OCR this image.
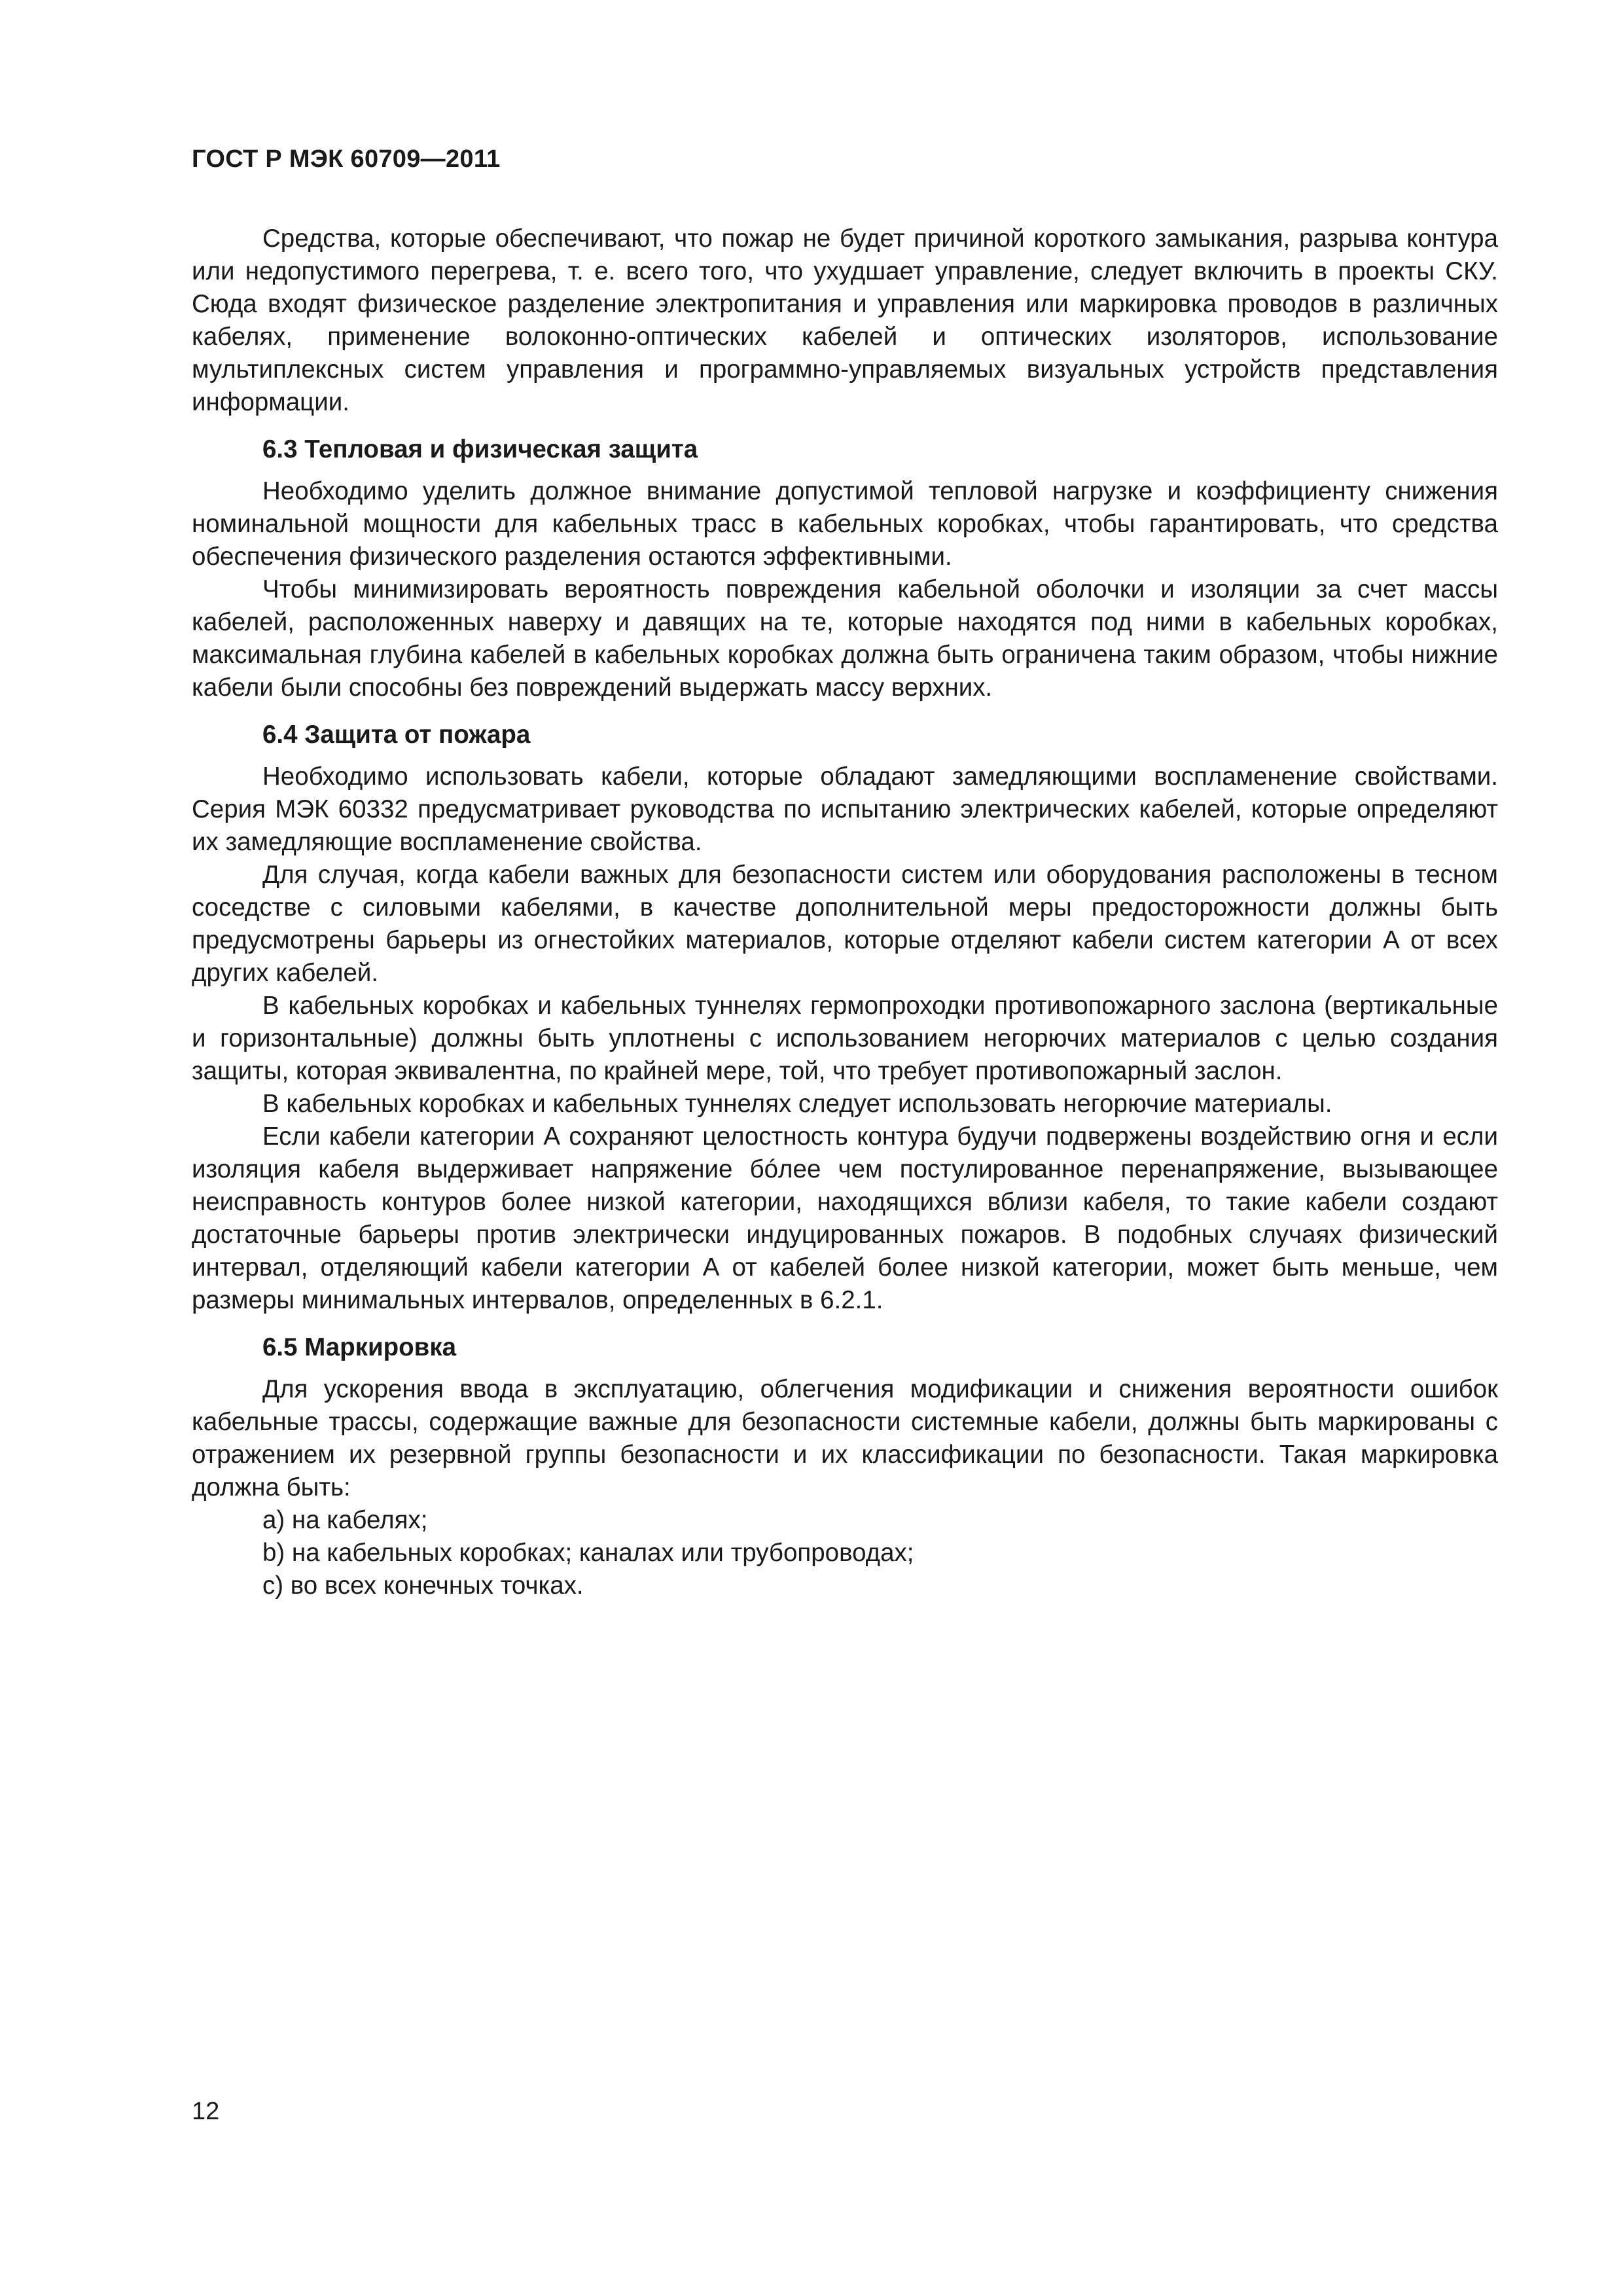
ГОСТ Р МЭК 60709—2011

Средства, которые обеспечивают, что пожар не будет причиной короткого замыкания, разрыва контура или недопустимого перегрева, т. е. всего того, что ухудшает управление, следует включить в проекты СКУ. Сюда входят физическое разделение электропитания и управления или маркировка проводов в различных кабелях, применение волоконно-оптических кабелей и оптических изоляторов, использование мультиплексных систем управления и программно-управляемых визуальных устройств представления информации.

6.3 Тепловая и физическая защита

Необходимо уделить должное внимание допустимой тепловой нагрузке и коэффициенту снижения номинальной мощности для кабельных трасс в кабельных коробках, чтобы гарантировать, что средства обеспечения физического разделения остаются эффективными.

Чтобы минимизировать вероятность повреждения кабельной оболочки и изоляции за счет массы кабелей, расположенных наверху и давящих на те, которые находятся под ними в кабельных коробках, максимальная глубина кабелей в кабельных коробках должна быть ограничена таким образом, чтобы нижние кабели были способны без повреждений выдержать массу верхних.

6.4 Защита от пожара

Необходимо использовать кабели, которые обладают замедляющими воспламенение свойствами. Серия МЭК 60332 предусматривает руководства по испытанию электрических кабелей, которые определяют их замедляющие воспламенение свойства.

Для случая, когда кабели важных для безопасности систем или оборудования расположены в тесном соседстве с силовыми кабелями, в качестве дополнительной меры предосторожности должны быть предусмотрены барьеры из огнестойких материалов, которые отделяют кабели систем категории А от всех других кабелей.

В кабельных коробках и кабельных туннелях гермопроходки противопожарного заслона (вертикальные и горизонтальные) должны быть уплотнены с использованием негорючих материалов с целью создания защиты, которая эквивалентна, по крайней мере, той, что требует противопожарный заслон.

В кабельных коробках и кабельных туннелях следует использовать негорючие материалы.

Если кабели категории А сохраняют целостность контура будучи подвержены воздействию огня и если изоляция кабеля выдерживает напряжение бóлее чем постулированное перенапряжение, вызывающее неисправность контуров более низкой категории, находящихся вблизи кабеля, то такие кабели создают достаточные барьеры против электрически индуцированных пожаров. В подобных случаях физический интервал, отделяющий кабели категории А от кабелей более низкой категории, может быть меньше, чем размеры минимальных интервалов, определенных в 6.2.1.

6.5 Маркировка

Для ускорения ввода в эксплуатацию, облегчения модификации и снижения вероятности ошибок кабельные трассы, содержащие важные для безопасности системные кабели, должны быть маркированы с отражением их резервной группы безопасности и их классификации по безопасности. Такая маркировка должна быть:

a) на кабелях;
b) на кабельных коробках; каналах или трубопроводах;
c) во всех конечных точках.
12
